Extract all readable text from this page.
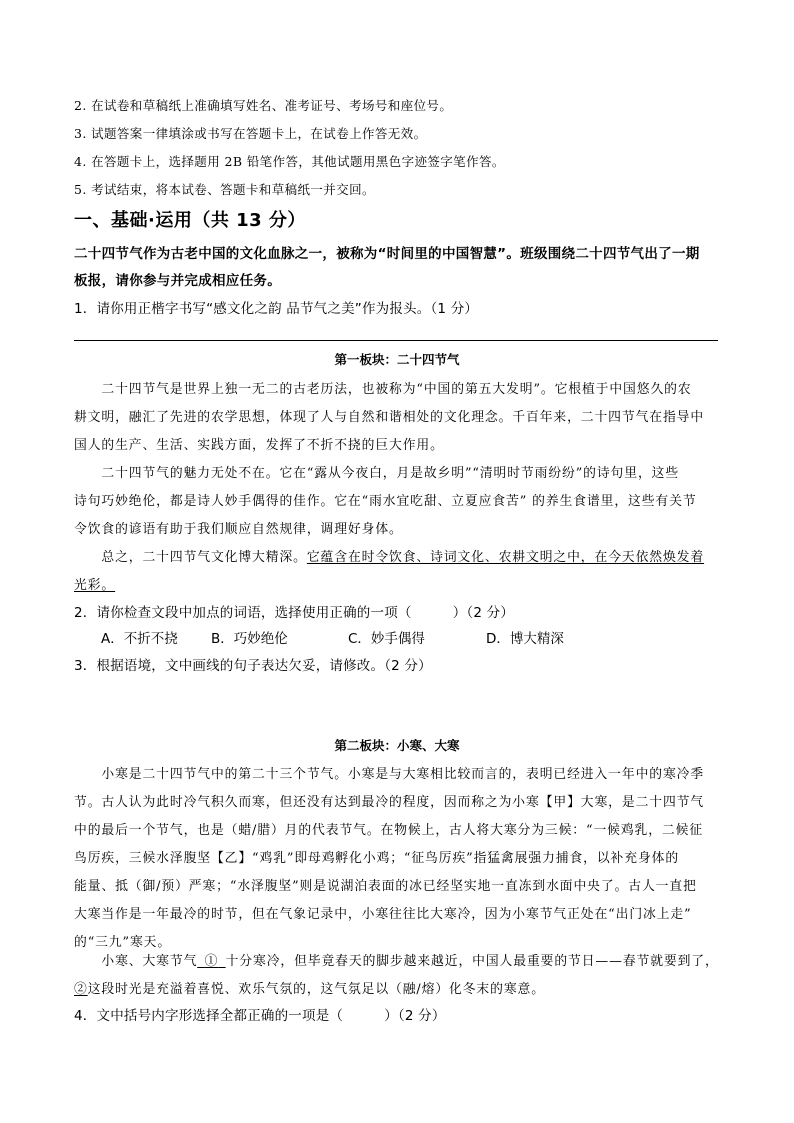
2. 在试卷和草稿纸上准确填写姓名、准考证号、考场号和座位号。
3. 试题答案一律填涂或书写在答题卡上，在试卷上作答无效。
4. 在答题卡上，选择题用 2B 铅笔作答，其他试题用黑色字迹签字笔作答。
5. 考试结束，将本试卷、答题卡和草稿纸一并交回。
一、基础·运用（共 13 分）
二十四节气作为古老中国的文化血脉之一，被称为“时间里的中国智慧”。班级围绕二十四节气出了一期
板报，请你参与并完成相应任务。
1．请你用正楷字书写“感文化之韵 品节气之美”作为报头。（1 分）
第一板块：二十四节气
　　二十四节气是世界上独一无二的古老历法，也被称为“中国的第五大发明”。它根植于中国悠久的农
耕文明，融汇了先进的农学思想，体现了人与自然和谐相处的文化理念。千百年来，二十四节气在指导中
国人的生产、生活、实践方面，发挥了不折不挠的巨大作用。
　　二十四节气的魅力无处不在。它在“露从今夜白，月是故乡明”“清明时节雨纷纷”的诗句里，这些
诗句巧妙绝伦，都是诗人妙手偶得的佳作。它在“雨水宜吃甜、立夏应食苦” 的养生食谱里，这些有关节
令饮食的谚语有助于我们顺应自然规律，调理好身体。
　　总之，二十四节气文化博大精深。它蕴含在时令饮食、诗词文化、农耕文明之中，在今天依然焕发着
光彩。
2．请你检查文段中加点的词语，选择使用正确的一项（　　　）（2 分）
A．不折不挠 B．巧妙绝伦	C．妙手偶得	D．博大精深
3．根据语境，文中画线的句子表达欠妥，请修改。（2 分）
第二板块：小寒、大寒
　　小寒是二十四节气中的第二十三个节气。小寒是与大寒相比较而言的，表明已经进入一年中的寒冷季
节。古人认为此时冷气积久而寒，但还没有达到最冷的程度，因而称之为小寒【甲】大寒，是二十四节气
中的最后一个节气，也是（蜡/腊）月的代表节气。在物候上，古人将大寒分为三候：“一候鸡乳，二候征
鸟厉疾，三候水泽腹坚【乙】“鸡乳”即母鸡孵化小鸡；“征鸟厉疾”指猛禽展强力捕食，以补充身体的
能量、抵（御/预）严寒；“水泽腹坚”则是说湖泊表面的冰已经坚实地一直冻到水面中央了。古人一直把
大寒当作是一年最冷的时节，但在气象记录中，小寒往往比大寒冷，因为小寒节气正处在“出门冰上走”
的“三九”寒天。
　　小寒、大寒节气  ①  十分寒冷，但毕竟春天的脚步越来越近，中国人最重要的节日——春节就要到了，
②这段时光是充溢着喜悦、欢乐气氛的，这气氛足以（融/熔）化冬末的寒意。
4．文中括号内字形选择全都正确的一项是（　　　）（2 分）
